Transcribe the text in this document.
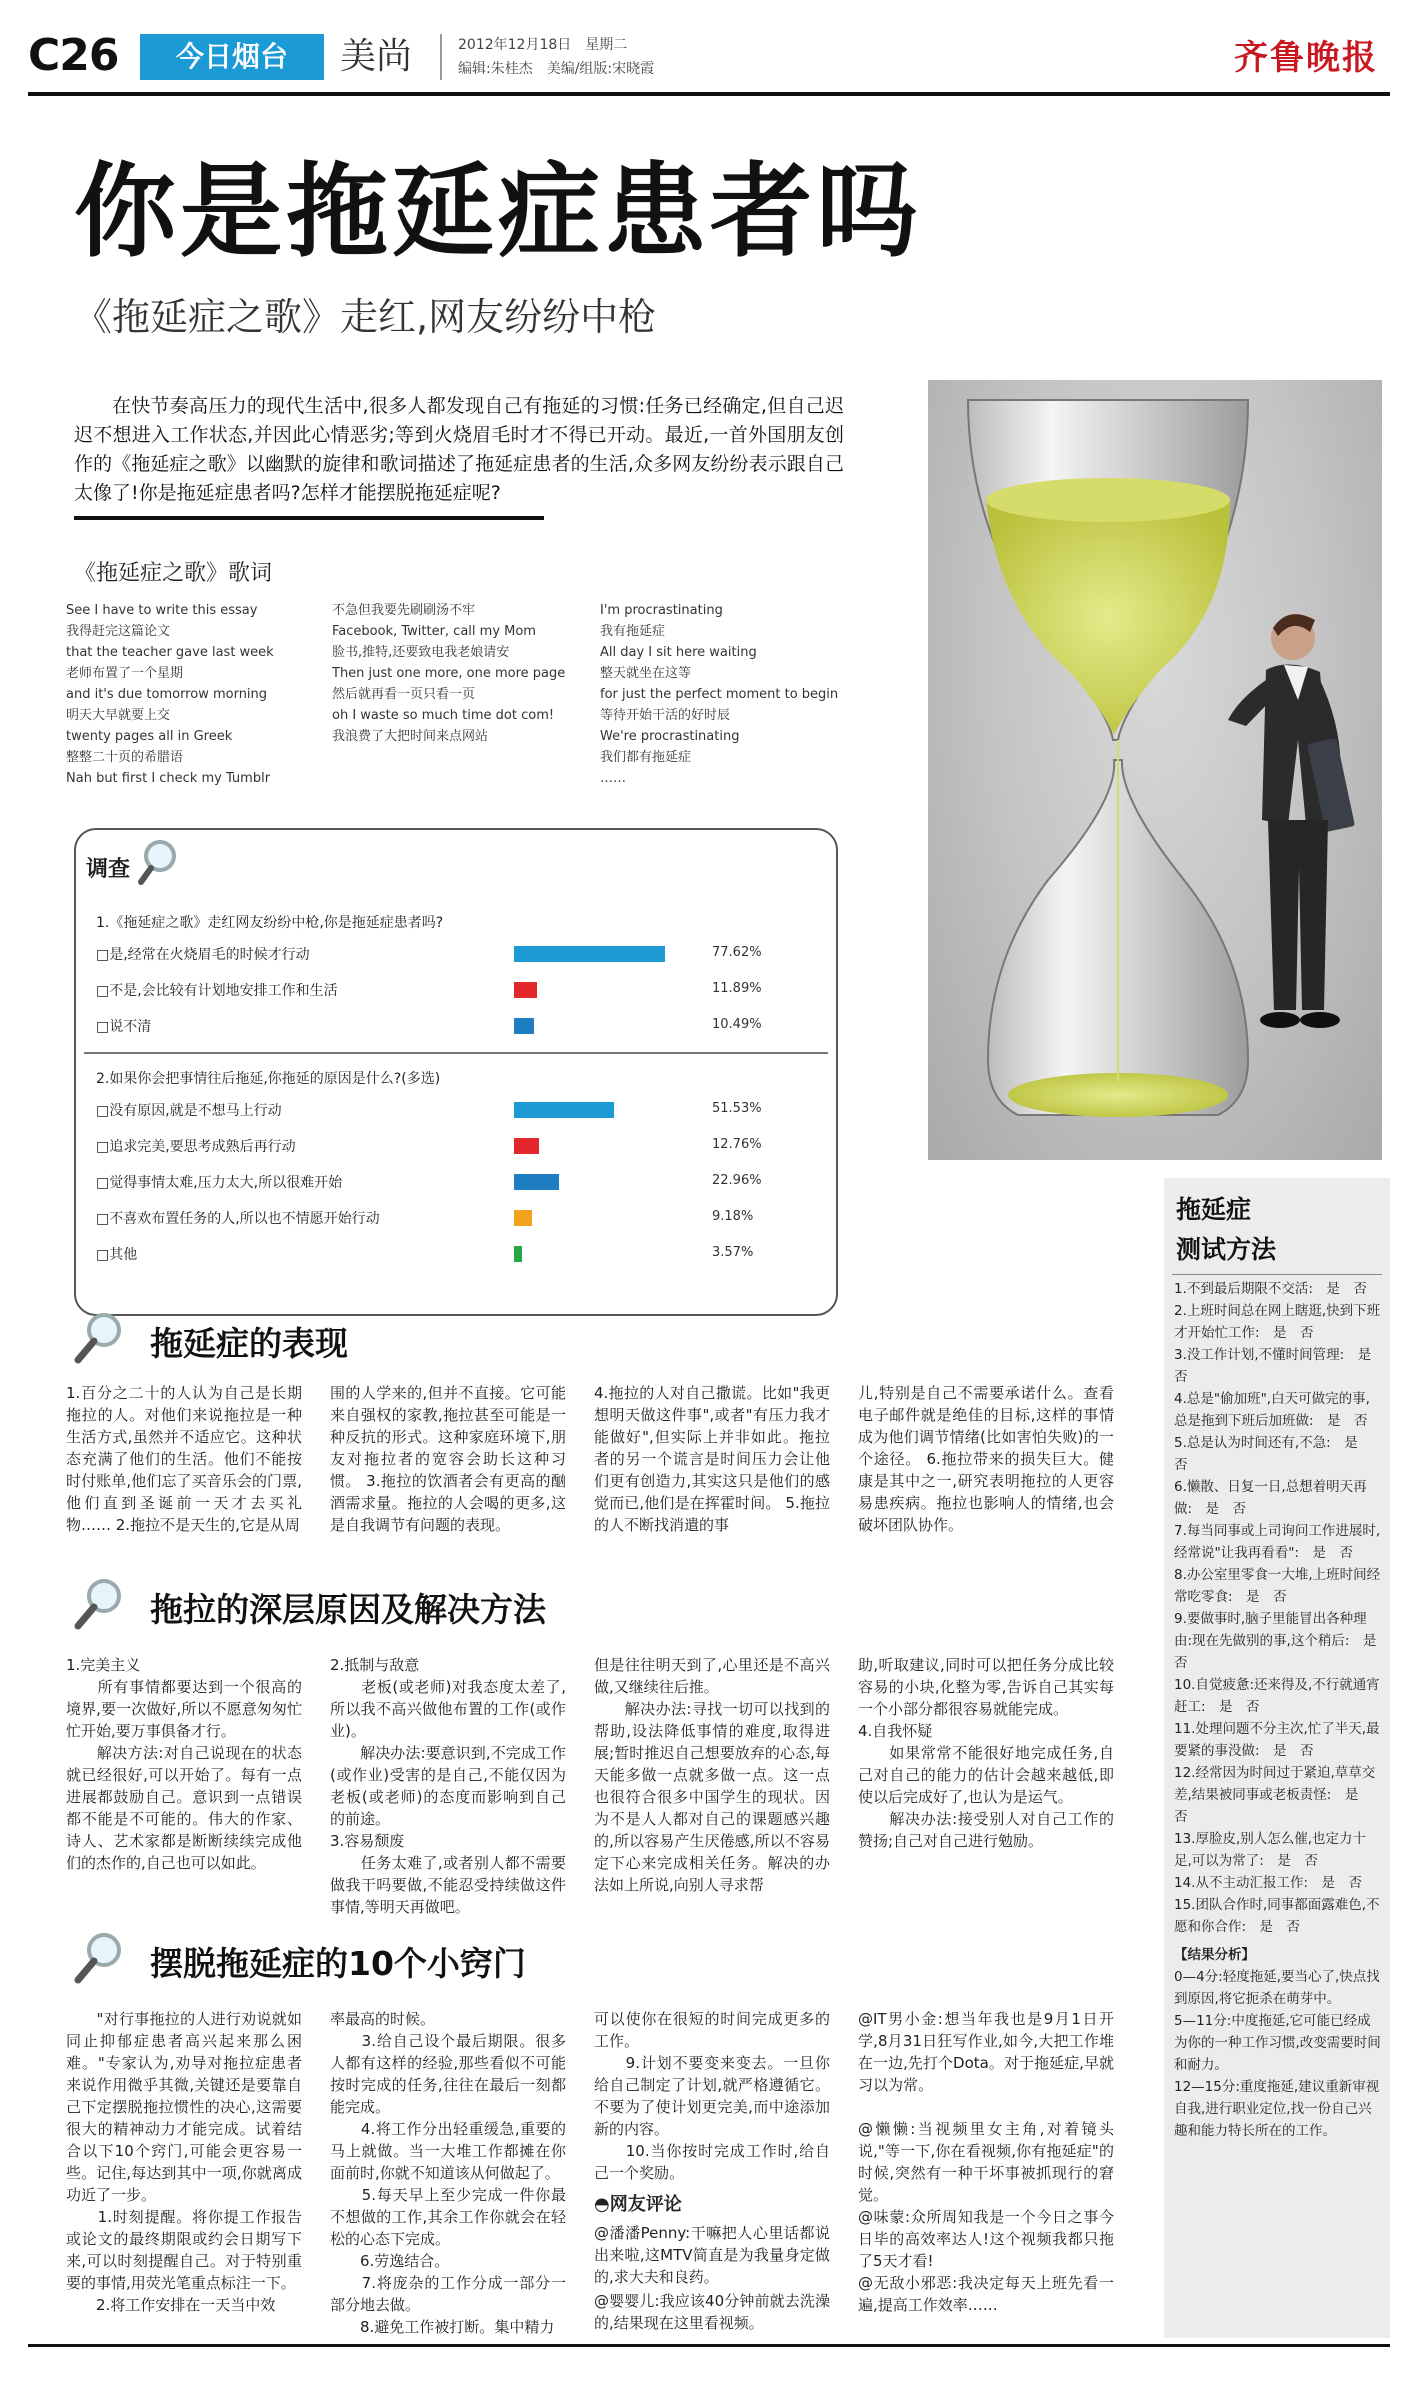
C26	今日烟台	美尚	2012年12月18日　星期二
编辑:朱桂杰　美编/组版:宋晓霞	齐鲁晚报
你是拖延症患者吗
《拖延症之歌》走红,网友纷纷中枪
在快节奏高压力的现代生活中,很多人都发现自己有拖延的习惯:任务已经确定,但自己迟迟不想进入工作状态,并因此心情恶劣;等到火烧眉毛时才不得已开动。最近,一首外国朋友创作的《拖延症之歌》以幽默的旋律和歌词描述了拖延症患者的生活,众多网友纷纷表示跟自己太像了!你是拖延症患者吗?怎样才能摆脱拖延症呢?
《拖延症之歌》歌词
See I have to write this essay
我得赶完这篇论文
that the teacher gave last week
老师布置了一个星期
and it's due tomorrow morning
明天大早就要上交
twenty pages all in Greek
整整二十页的希腊语
Nah but first I check my Tumblr
不急但我要先刷刷汤不牢
Facebook, Twitter, call my Mom
脸书,推特,还要致电我老娘请安
Then just one more, one more page
然后就再看一页只看一页
oh I waste so much time dot com!
我浪费了大把时间来点网站
I'm procrastinating
我有拖延症
All day I sit here waiting
整天就坐在这等
for just the perfect moment to begin
等待开始干活的好时辰
We're procrastinating
我们都有拖延症
……
调查
1.《拖延症之歌》走红网友纷纷中枪,你是拖延症患者吗?
2.如果你会把事情往后拖延,你拖延的原因是什么?(多选)
□是,经常在火烧眉毛的时候才行动	77.62%
□不是,会比较有计划地安排工作和生活	11.89%
□说不清	10.49%
□没有原因,就是不想马上行动	51.53%
□追求完美,要思考成熟后再行动	12.76%
□觉得事情太难,压力太大,所以很难开始	22.96%
□不喜欢布置任务的人,所以也不情愿开始行动	9.18%
□其他	3.57%
拖延症的表现
1.百分之二十的人认为自己是长期拖拉的人。对他们来说拖拉是一种生活方式,虽然并不适应它。这种状态充满了他们的生活。他们不能按时付账单,他们忘了买音乐会的门票,他们直到圣诞前一天才去买礼物…… 2.拖拉不是天生的,它是从周
围的人学来的,但并不直接。它可能来自强权的家教,拖拉甚至可能是一种反抗的形式。这种家庭环境下,朋友对拖拉者的宽容会助长这种习惯。 3.拖拉的饮酒者会有更高的酗酒需求量。拖拉的人会喝的更多,这是自我调节有问题的表现。
4.拖拉的人对自己撒谎。比如"我更想明天做这件事",或者"有压力我才能做好",但实际上并非如此。拖拉者的另一个谎言是时间压力会让他们更有创造力,其实这只是他们的感觉而已,他们是在挥霍时间。 5.拖拉的人不断找消遣的事
儿,特别是自己不需要承诺什么。查看电子邮件就是绝佳的目标,这样的事情成为他们调节情绪(比如害怕失败)的一个途径。 6.拖拉带来的损失巨大。健康是其中之一,研究表明拖拉的人更容易患疾病。拖拉也影响人的情绪,也会破坏团队协作。
拖拉的深层原因及解决方法
1.完美主义
　　所有事情都要达到一个很高的境界,要一次做好,所以不愿意匆匆忙忙开始,要万事俱备才行。
　　解决方法:对自己说现在的状态就已经很好,可以开始了。每有一点进展都鼓励自己。意识到一点错误都不能是不可能的。伟大的作家、诗人、艺术家都是断断续续完成他们的杰作的,自己也可以如此。
2.抵制与敌意
　　老板(或老师)对我态度太差了,所以我不高兴做他布置的工作(或作业)。
　　解决办法:要意识到,不完成工作(或作业)受害的是自己,不能仅因为老板(或老师)的态度而影响到自己的前途。
3.容易颓废
　　任务太难了,或者别人都不需要做我干吗要做,不能忍受持续做这件事情,等明天再做吧。
但是往往明天到了,心里还是不高兴做,又继续往后推。
　　解决办法:寻找一切可以找到的帮助,设法降低事情的难度,取得进展;暂时推迟自己想要放弃的心态,每天能多做一点就多做一点。这一点也很符合很多中国学生的现状。因为不是人人都对自己的课题感兴趣的,所以容易产生厌倦感,所以不容易定下心来完成相关任务。解决的办法如上所说,向别人寻求帮
助,听取建议,同时可以把任务分成比较容易的小块,化整为零,告诉自己其实每一个小部分都很容易就能完成。
4.自我怀疑
　　如果常常不能很好地完成任务,自己对自己的能力的估计会越来越低,即使以后完成好了,也认为是运气。
　　解决办法:接受别人对自己工作的赞扬;自己对自己进行勉励。
摆脱拖延症的10个小窍门
　　"对行事拖拉的人进行劝说就如同止抑郁症患者高兴起来那么困难。"专家认为,劝导对拖拉症患者来说作用微乎其微,关键还是要靠自己下定摆脱拖拉惯性的决心,这需要很大的精神动力才能完成。试着结合以下10个窍门,可能会更容易一些。记住,每达到其中一项,你就离成功近了一步。
　　1.时刻提醒。将你提工作报告或论文的最终期限或约会日期写下来,可以时刻提醒自己。对于特别重要的事情,用荧光笔重点标注一下。
　　2.将工作安排在一天当中效
率最高的时候。
　　3.给自己设个最后期限。很多人都有这样的经验,那些看似不可能按时完成的任务,往往在最后一刻都能完成。
　　4.将工作分出轻重缓急,重要的马上就做。当一大堆工作都摊在你面前时,你就不知道该从何做起了。
　　5.每天早上至少完成一件你最不想做的工作,其余工作你就会在轻松的心态下完成。
　　6.劳逸结合。
　　7.将庞杂的工作分成一部分一部分地去做。
　　8.避免工作被打断。集中精力
可以使你在很短的时间完成更多的工作。
　　9.计划不要变来变去。一旦你给自己制定了计划,就严格遵循它。不要为了使计划更完美,而中途添加新的内容。
　　10.当你按时完成工作时,给自己一个奖励。
◓网友评论
@潘潘Penny:干嘛把人心里话都说出来啦,这MTV简直是为我量身定做的,求大夫和良药。
@婴婴儿:我应该40分钟前就去洗澡的,结果现在这里看视频。
@IT男小金:想当年我也是9月1日开学,8月31日狂写作业,如今,大把工作堆在一边,先打个Dota。对于拖延症,早就习以为常。
@懒懒:当视频里女主角,对着镜头说,"等一下,你在看视频,你有拖延症"的时候,突然有一种干坏事被抓现行的窘觉。
@味蒙:众所周知我是一个今日之事今日毕的高效率达人!这个视频我都只拖了5天才看!
@无敌小邪恶:我决定每天上班先看一遍,提高工作效率……
拖延症
测试方法
1.不到最后期限不交活:　是　否
2.上班时间总在网上瞎逛,快到下班才开始忙工作:　是　否
3.没工作计划,不懂时间管理:　是　否
4.总是"偷加班",白天可做完的事,总是拖到下班后加班做:　是　否
5.总是认为时间还有,不急:　是　否
6.懒散、日复一日,总想着明天再做:　是　否
7.每当同事或上司询问工作进展时,经常说"让我再看看":　是　否
8.办公室里零食一大堆,上班时间经常吃零食:　是　否
9.要做事时,脑子里能冒出各种理由:现在先做别的事,这个稍后:　是　否
10.自觉疲惫:还来得及,不行就通宵赶工:　是　否
11.处理问题不分主次,忙了半天,最要紧的事没做:　是　否
12.经常因为时间过于紧迫,草草交差,结果被同事或老板责怪:　是　否
13.厚脸皮,别人怎么催,也定力十足,可以为常了:　是　否
14.从不主动汇报工作:　是　否
15.团队合作时,同事都面露难色,不愿和你合作:　是　否
【结果分析】
0—4分:轻度拖延,要当心了,快点找到原因,将它扼杀在萌芽中。
5—11分:中度拖延,它可能已经成为你的一种工作习惯,改变需要时间和耐力。
12—15分:重度拖延,建议重新审视自我,进行职业定位,找一份自己兴趣和能力特长所在的工作。
